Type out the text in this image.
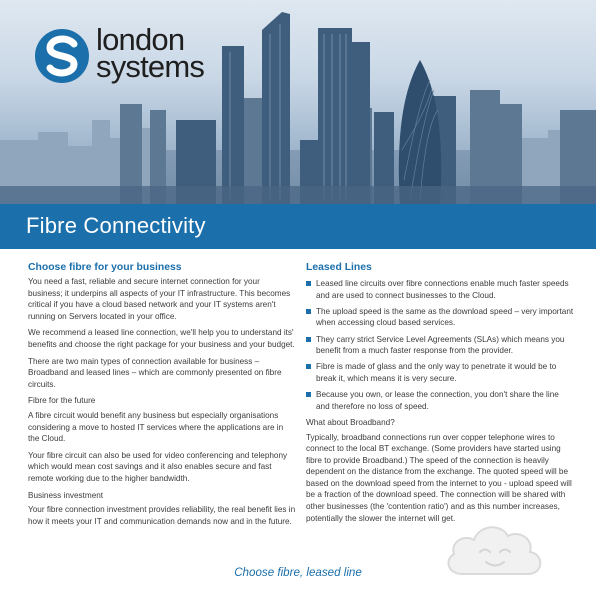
london
systems
Fibre Connectivity
Choose fibre for your business

You need a fast, reliable and secure internet connection for your business; it underpins all aspects of your IT infrastructure. This becomes critical if you have a cloud based network and your IT systems aren't running on Servers located in your office.

We recommend a leased line connection, we'll help you to understand its' benefits and choose the right package for your business and your budget.

There are two main types of connection available for business – Broadband and leased lines – which are commonly presented on fibre circuits.

Fibre for the future

A fibre circuit would benefit any business but especially organisations considering a move to hosted IT services where the applications are in the Cloud.

Your fibre circuit can also be used for video conferencing and telephony which would mean cost savings and it also enables secure and fast remote working due to the higher bandwidth.

Business investment

Your fibre connection investment provides reliability, the real benefit lies in how it meets your IT and communication demands now and in the future.

Leased Lines
Leased line circuits over fibre connections enable much faster speeds and are used to connect businesses to the Cloud.
The upload speed is the same as the download speed – very important when accessing cloud based services.
They carry strict Service Level Agreements (SLAs) which means you benefit from a much faster response from the provider.
Fibre is made of glass and the only way to penetrate it would be to break it, which means it is very secure.
Because you own, or lease the connection, you don't share the line and therefore no loss of speed.

What about Broadband?

Typically, broadband connections run over copper telephone wires to connect to the local BT exchange. (Some providers have started using fibre to provide Broadband.) The speed of the connection is heavily dependent on the distance from the exchange. The quoted speed will be based on the download speed from the internet to you - upload speed will be a fraction of the download speed. The connection will be shared with other businesses (the 'contention ratio') and as this number increases, potentially the slower the internet will get.

Choose fibre, leased line
